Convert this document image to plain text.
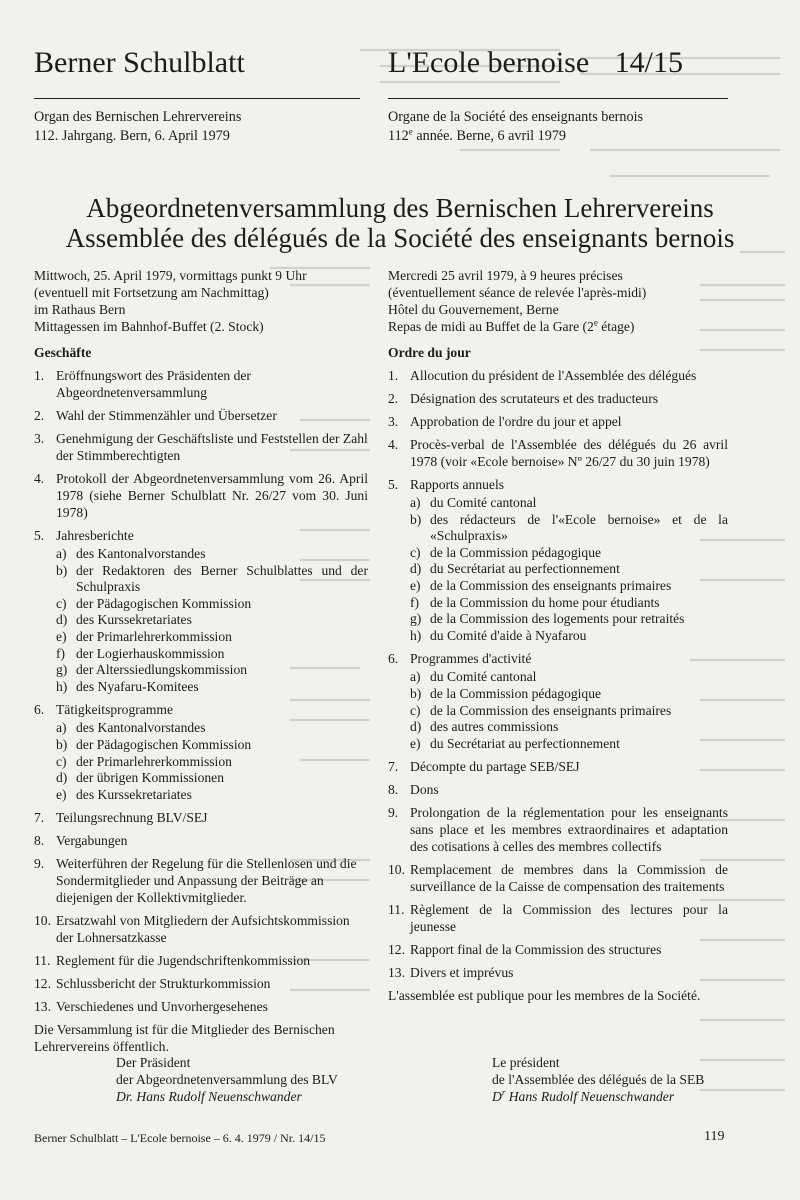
Berner Schulblatt	L'Ecole bernoise 14/15
Organ des Bernischen Lehrervereins
112. Jahrgang. Bern, 6. April 1979
Organe de la Société des enseignants bernois
112e année. Berne, 6 avril 1979
Abgeordnetenversammlung des Bernischen Lehrervereins
Assemblée des délégués de la Société des enseignants bernois
Mittwoch, 25. April 1979, vormittags punkt 9 Uhr
(eventuell mit Fortsetzung am Nachmittag)
im Rathaus Bern
Mittagessen im Bahnhof-Buffet (2. Stock)
Geschäfte
1. Eröffnungswort des Präsidenten der Abgeordnetenversammlung
2. Wahl der Stimmenzähler und Übersetzer
3. Genehmigung der Geschäftsliste und Feststellen der Zahl der Stimmberechtigten
4. Protokoll der Abgeordnetenversammlung vom 26. April 1978 (siehe Berner Schulblatt Nr. 26/27 vom 30. Juni 1978)
5. Jahresberichte
a) des Kantonalvorstandes
b) der Redaktoren des Berner Schulblattes und der Schulpraxis
c) der Pädagogischen Kommission
d) des Kurssekretariates
e) der Primarlehrerkommission
f) der Logierhauskommission
g) der Alterssiedlungskommission
h) des Nyafaru-Komitees
6. Tätigkeitsprogramme
a) des Kantonalvorstandes
b) der Pädagogischen Kommission
c) der Primarlehrerkommission
d) der übrigen Kommissionen
e) des Kurssekretariates
7. Teilungsrechnung BLV/SEJ
8. Vergabungen
9. Weiterführen der Regelung für die Stellenlosen und die Sondermitglieder und Anpassung der Beiträge an diejenigen der Kollektivmitglieder.
10. Ersatzwahl von Mitgliedern der Aufsichtskommission der Lohnersatzkasse
11. Reglement für die Jugendschriftenkommission
12. Schlussbericht der Strukturkommission
13. Verschiedenes und Unvorhergesehenes
Die Versammlung ist für die Mitglieder des Bernischen Lehrervereins öffentlich.
Mercredi 25 avril 1979, à 9 heures précises
(éventuellement séance de relevée l'après-midi)
Hôtel du Gouvernement, Berne
Repas de midi au Buffet de la Gare (2e étage)
Ordre du jour
1. Allocution du président de l'Assemblée des délégués
2. Désignation des scrutateurs et des traducteurs
3. Approbation de l'ordre du jour et appel
4. Procès-verbal de l'Assemblée des délégués du 26 avril 1978 (voir «Ecole bernoise» Nº 26/27 du 30 juin 1978)
5. Rapports annuels
a) du Comité cantonal
b) des rédacteurs de l'«Ecole bernoise» et de la «Schulpraxis»
c) de la Commission pédagogique
d) du Secrétariat au perfectionnement
e) de la Commission des enseignants primaires
f) de la Commission du home pour étudiants
g) de la Commission des logements pour retraités
h) du Comité d'aide à Nyafarou
6. Programmes d'activité
a) du Comité cantonal
b) de la Commission pédagogique
c) de la Commission des enseignants primaires
d) des autres commissions
e) du Secrétariat au perfectionnement
7. Décompte du partage SEB/SEJ
8. Dons
9. Prolongation de la réglementation pour les enseignants sans place et les membres extraordinaires et adaptation des cotisations à celles des membres collectifs
10. Remplacement de membres dans la Commission de surveillance de la Caisse de compensation des traitements
11. Règlement de la Commission des lectures pour la jeunesse
12. Rapport final de la Commission des structures
13. Divers et imprévus
L'assemblée est publique pour les membres de la Société.
Der Präsident
der Abgeordnetenversammlung des BLV
Dr. Hans Rudolf Neuenschwander
Le président
de l'Assemblée des délégués de la SEB
$D^r$ Hans Rudolf Neuenschwander
Berner Schulblatt – L'Ecole bernoise – 6. 4. 1979 / Nr. 14/15	119
